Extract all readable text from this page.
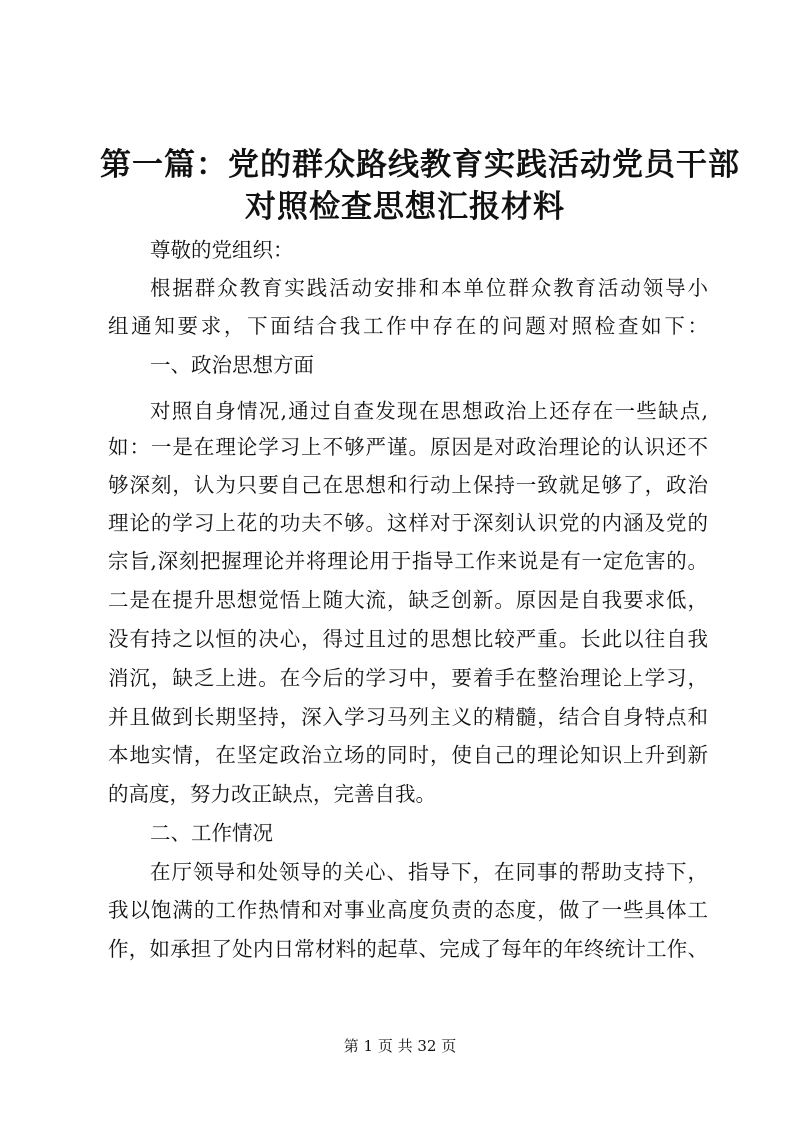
第一篇：党的群众路线教育实践活动党员干部
对照检查思想汇报材料
尊敬的党组织：
根据群众教育实践活动安排和本单位群众教育活动领导小
组通知要求，下面结合我工作中存在的问题对照检查如下：
一、政治思想方面
对照自身情况,通过自查发现在思想政治上还存在一些缺点,
如：一是在理论学习上不够严谨。原因是对政治理论的认识还不
够深刻，认为只要自己在思想和行动上保持一致就足够了，政治
理论的学习上花的功夫不够。这样对于深刻认识党的内涵及党的
宗旨,深刻把握理论并将理论用于指导工作来说是有一定危害的。
二是在提升思想觉悟上随大流，缺乏创新。原因是自我要求低，
没有持之以恒的决心，得过且过的思想比较严重。长此以往自我
消沉，缺乏上进。在今后的学习中，要着手在整治理论上学习，
并且做到长期坚持，深入学习马列主义的精髓，结合自身特点和
本地实情，在坚定政治立场的同时，使自己的理论知识上升到新
的高度，努力改正缺点，完善自我。
二、工作情况
在厅领导和处领导的关心、指导下，在同事的帮助支持下，
我以饱满的工作热情和对事业高度负责的态度，做了一些具体工
作，如承担了处内日常材料的起草、完成了每年的年终统计工作、
第 1 页 共 32 页
